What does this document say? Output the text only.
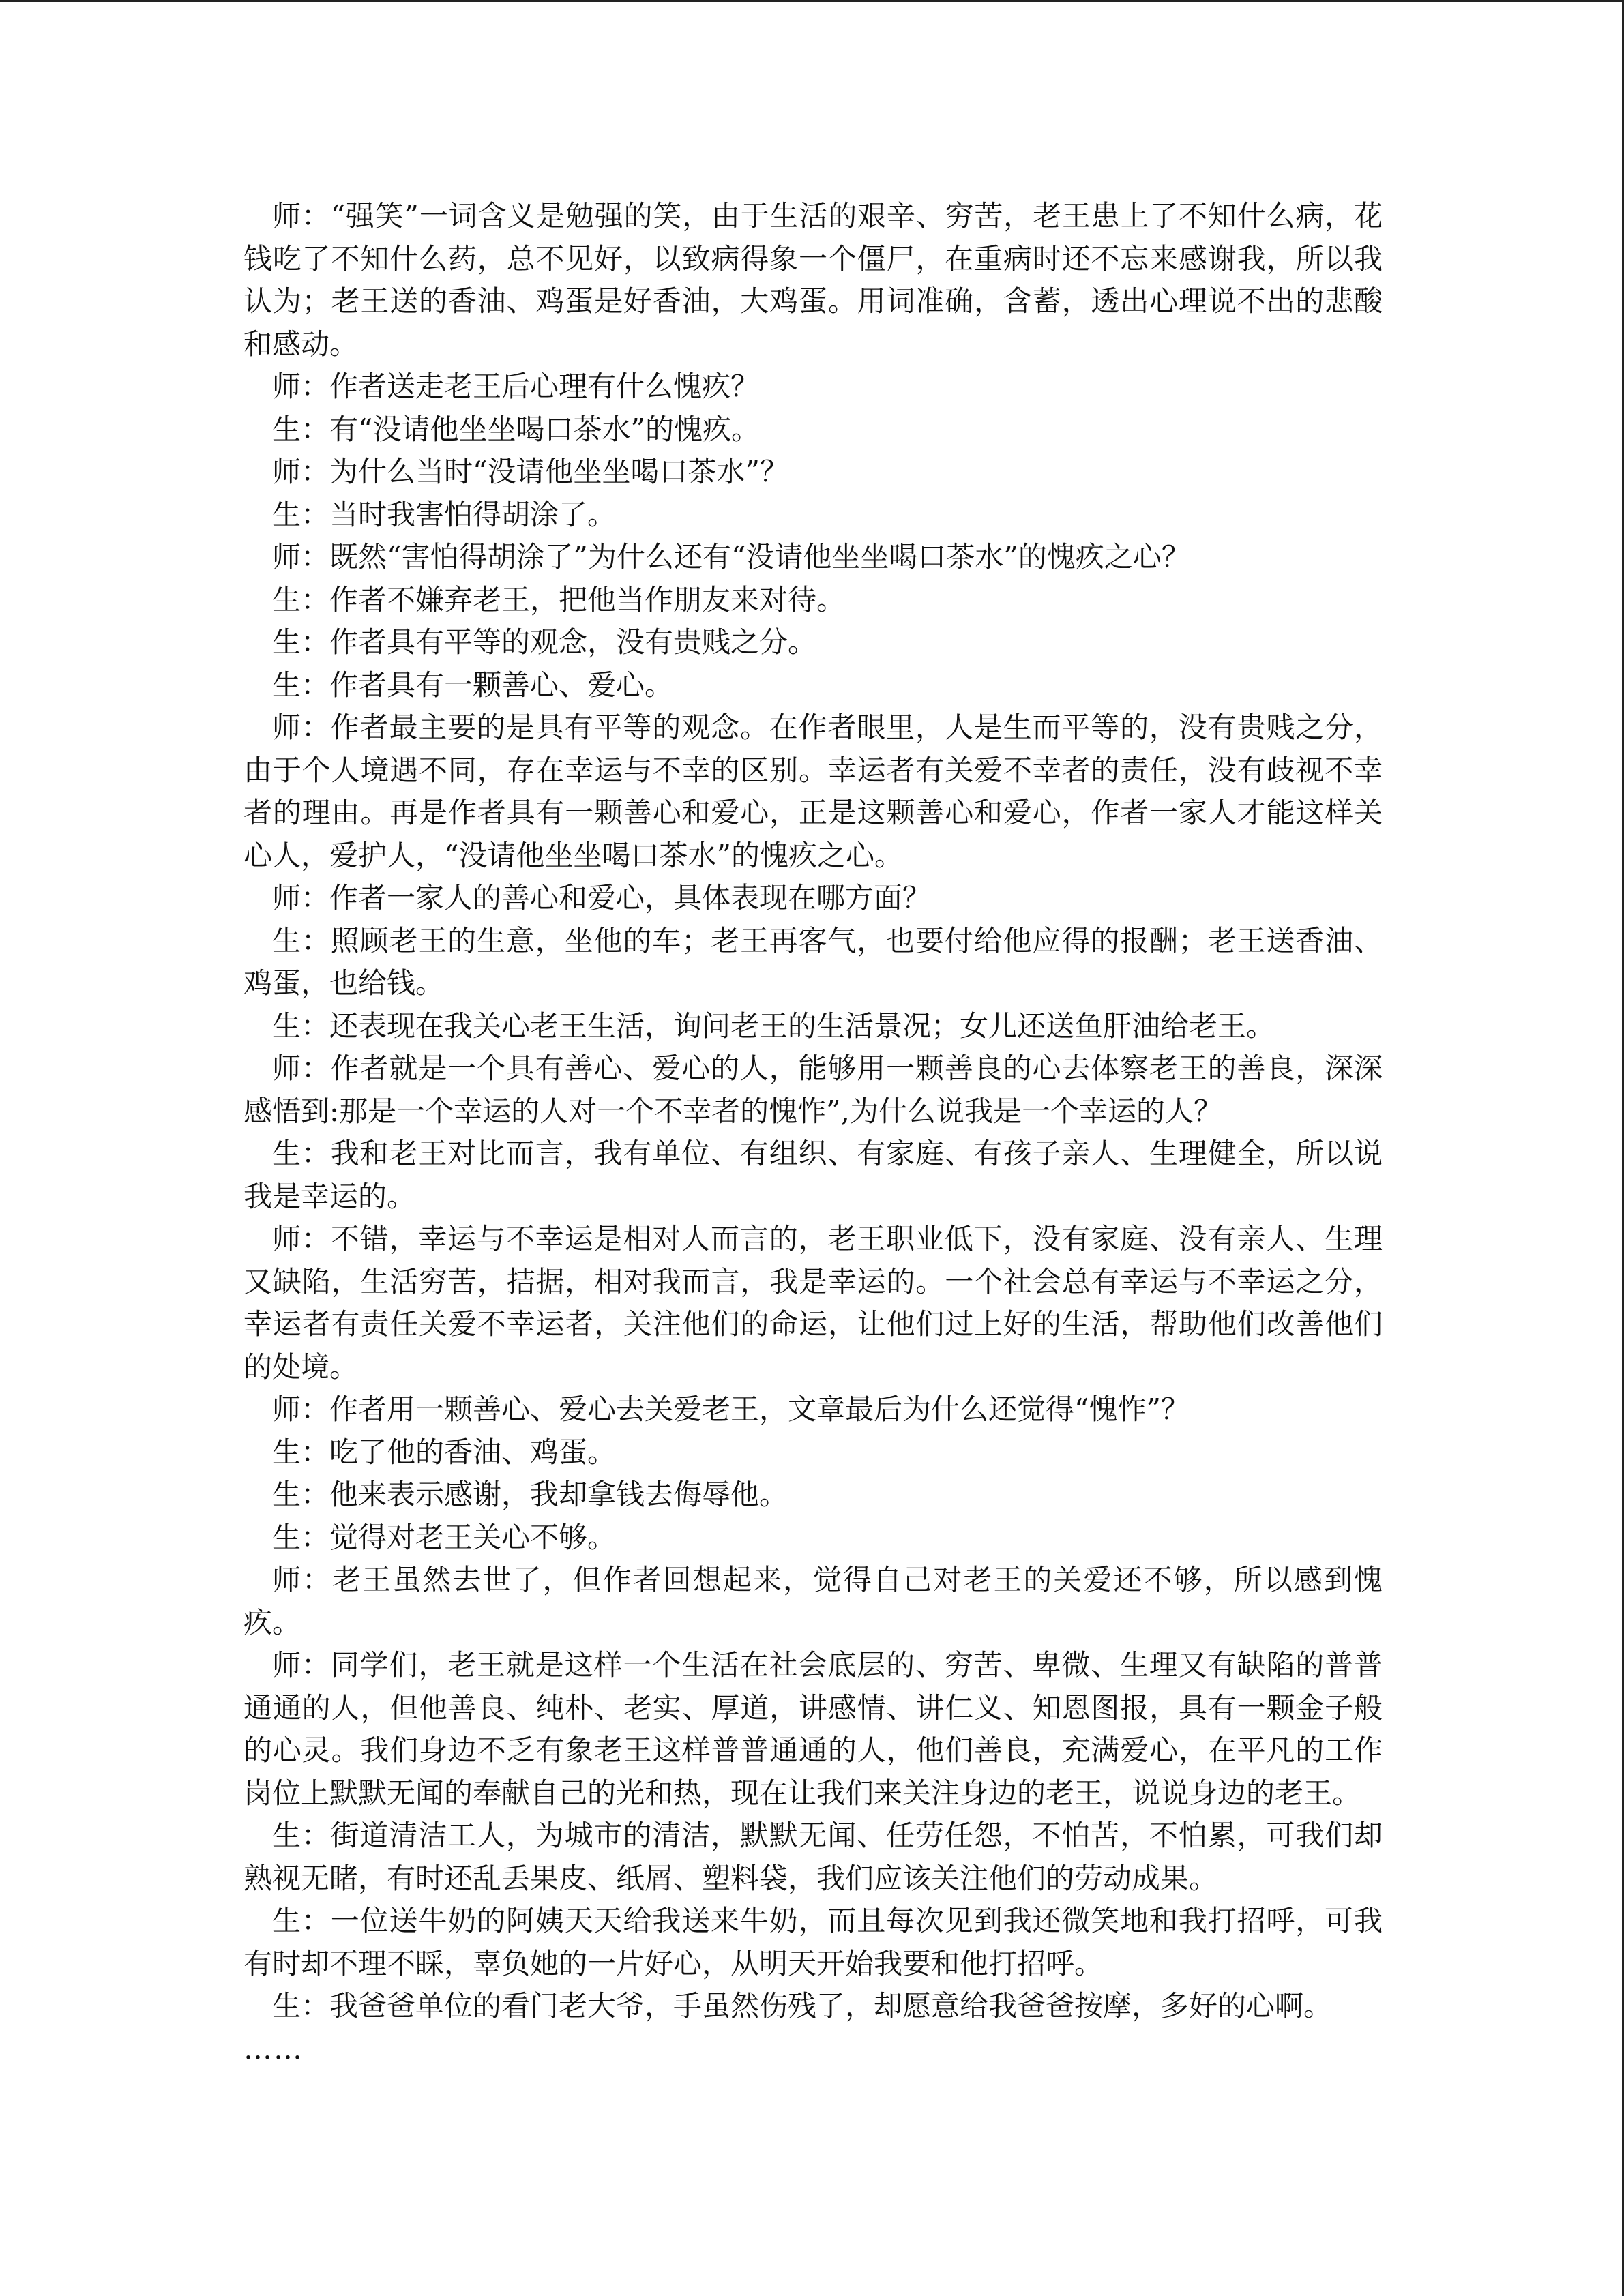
师：“强笑”一词含义是勉强的笑，由于生活的艰辛、穷苦，老王患上了不知什么病，花钱吃了不知什么药，总不见好，以致病得象一个僵尸，在重病时还不忘来感谢我，所以我认为；老王送的香油、鸡蛋是好香油，大鸡蛋。用词准确，含蓄，透出心理说不出的悲酸和感动。

师：作者送走老王后心理有什么愧疚？

生：有“没请他坐坐喝口茶水”的愧疚。

师：为什么当时“没请他坐坐喝口茶水”？

生：当时我害怕得胡涂了。

师：既然“害怕得胡涂了”为什么还有“没请他坐坐喝口茶水”的愧疚之心？

生：作者不嫌弃老王，把他当作朋友来对待。

生：作者具有平等的观念，没有贵贱之分。

生：作者具有一颗善心、爱心。

师：作者最主要的是具有平等的观念。在作者眼里，人是生而平等的，没有贵贱之分，由于个人境遇不同，存在幸运与不幸的区别。幸运者有关爱不幸者的责任，没有歧视不幸者的理由。再是作者具有一颗善心和爱心，正是这颗善心和爱心，作者一家人才能这样关心人，爱护人，“没请他坐坐喝口茶水”的愧疚之心。

师：作者一家人的善心和爱心，具体表现在哪方面？

生：照顾老王的生意，坐他的车；老王再客气，也要付给他应得的报酬；老王送香油、鸡蛋，也给钱。

生：还表现在我关心老王生活，询问老王的生活景况；女儿还送鱼肝油给老王。

师：作者就是一个具有善心、爱心的人，能够用一颗善良的心去体察老王的善良，深深感悟到:那是一个幸运的人对一个不幸者的愧怍”,为什么说我是一个幸运的人？

生：我和老王对比而言，我有单位、有组织、有家庭、有孩子亲人、生理健全，所以说我是幸运的。

师：不错，幸运与不幸运是相对人而言的，老王职业低下，没有家庭、没有亲人、生理又缺陷，生活穷苦，拮据，相对我而言，我是幸运的。一个社会总有幸运与不幸运之分，幸运者有责任关爱不幸运者，关注他们的命运，让他们过上好的生活，帮助他们改善他们的处境。

师：作者用一颗善心、爱心去关爱老王，文章最后为什么还觉得“愧怍”？

生：吃了他的香油、鸡蛋。

生：他来表示感谢，我却拿钱去侮辱他。

生：觉得对老王关心不够。

师：老王虽然去世了，但作者回想起来，觉得自己对老王的关爱还不够，所以感到愧疚。

师：同学们，老王就是这样一个生活在社会底层的、穷苦、卑微、生理又有缺陷的普普通通的人，但他善良、纯朴、老实、厚道，讲感情、讲仁义、知恩图报，具有一颗金子般的心灵。我们身边不乏有象老王这样普普通通的人，他们善良，充满爱心，在平凡的工作岗位上默默无闻的奉献自己的光和热，现在让我们来关注身边的老王，说说身边的老王。

生：街道清洁工人，为城市的清洁，默默无闻、任劳任怨，不怕苦，不怕累，可我们却熟视无睹，有时还乱丢果皮、纸屑、塑料袋，我们应该关注他们的劳动成果。

生：一位送牛奶的阿姨天天给我送来牛奶，而且每次见到我还微笑地和我打招呼，可我有时却不理不睬，辜负她的一片好心，从明天开始我要和他打招呼。

生：我爸爸单位的看门老大爷，手虽然伤残了，却愿意给我爸爸按摩，多好的心啊。

……
